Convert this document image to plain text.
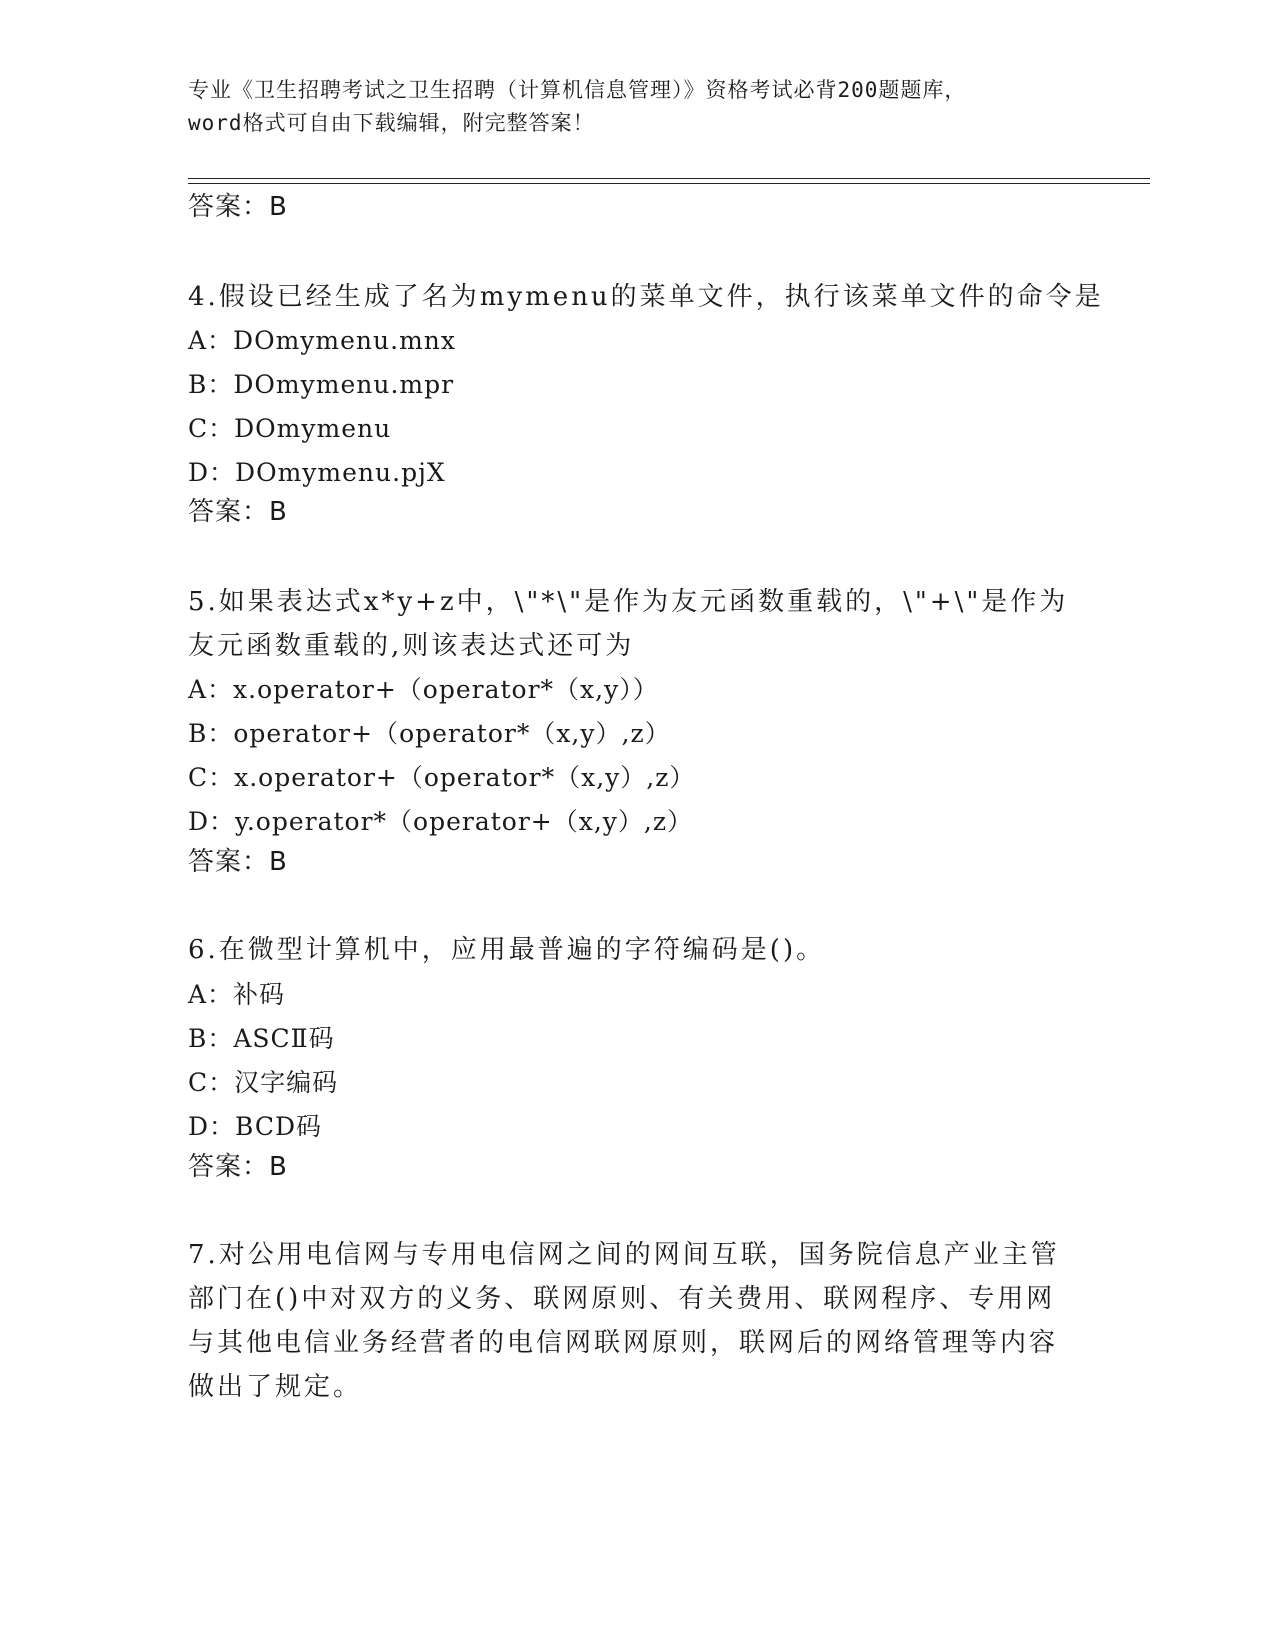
专业《卫生招聘考试之卫生招聘（计算机信息管理）》资格考试必背200题题库，
word格式可自由下载编辑，附完整答案！
答案：B
4.假设已经生成了名为mymenu的菜单文件，执行该菜单文件的命令是
A：DOmymenu.mnx
B：DOmymenu.mpr
C：DOmymenu
D：DOmymenu.pjX
答案：B
5.如果表达式x*y+z中，\"*\"是作为友元函数重载的，\"+\"是作为
友元函数重载的,则该表达式还可为
A：x.operator+（operator*（x,y））
B：operator+（operator*（x,y）,z）
C：x.operator+（operator*（x,y）,z）
D：y.operator*（operator+（x,y）,z）
答案：B
6.在微型计算机中，应用最普遍的字符编码是()。
A：补码
B：ASCⅡ码
C：汉字编码
D：BCD码
答案：B
7.对公用电信网与专用电信网之间的网间互联，国务院信息产业主管
部门在()中对双方的义务、联网原则、有关费用、联网程序、专用网
与其他电信业务经营者的电信网联网原则，联网后的网络管理等内容
做出了规定。
